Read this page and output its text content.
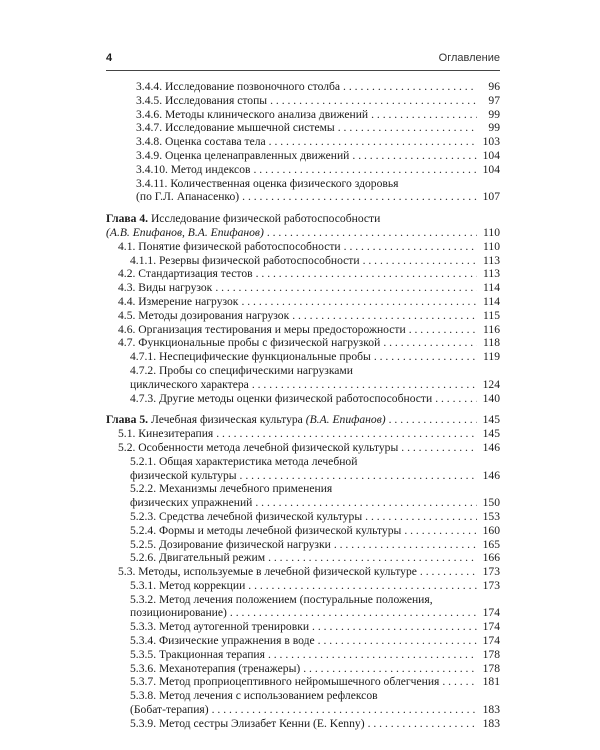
4	Оглавление
3.4.4. Исследование позвоночного столба . . .	96
3.4.5. Исследования стопы . . .	97
3.4.6. Методы клинического анализа движений . . .	99
3.4.7. Исследование мышечной системы . . .	99
3.4.8. Оценка состава тела . . .	103
3.4.9. Оценка целенаправленных движений . . .	104
3.4.10. Метод индексов . . .	104
3.4.11. Количественная оценка физического здоровья
(по Г.Л. Апанасенко) . . .	107
Глава 4. Исследование физической работоспособности
(А.В. Епифанов, В.А. Епифанов) . . .	110
4.1. Понятие физической работоспособности . . .	110
4.1.1. Резервы физической работоспособности . . .	113
4.2. Стандартизация тестов . . .	113
4.3. Виды нагрузок . . .	114
4.4. Измерение нагрузок . . .	114
4.5. Методы дозирования нагрузок . . .	115
4.6. Организация тестирования и меры предосторожности . . .	116
4.7. Функциональные пробы с физической нагрузкой . . .	118
4.7.1. Неспецифические функциональные пробы . . .	119
4.7.2. Пробы со специфическими нагрузками
циклического характера . . .	124
4.7.3. Другие методы оценки физической работоспособности . . .	140
Глава 5. Лечебная физическая культура (В.А. Епифанов) . . .	145
5.1. Кинезитерапия . . .	145
5.2. Особенности метода лечебной физической культуры . . .	146
5.2.1. Общая характеристика метода лечебной
физической культуры . . .	146
5.2.2. Механизмы лечебного применения
физических упражнений . . .	150
5.2.3. Средства лечебной физической культуры . . .	153
5.2.4. Формы и методы лечебной физической культуры . . .	160
5.2.5. Дозирование физической нагрузки . . .	165
5.2.6. Двигательный режим . . .	166
5.3. Методы, используемые в лечебной физической культуре . . .	173
5.3.1. Метод коррекции . . .	173
5.3.2. Метод лечения положением (постуральные положения,
позиционирование) . . .	174
5.3.3. Метод аутогенной тренировки . . .	174
5.3.4. Физические упражнения в воде . . .	174
5.3.5. Тракционная терапия . . .	178
5.3.6. Механотерапия (тренажеры) . . .	178
5.3.7. Метод проприоцептивного нейромышечного облегчения . . .	181
5.3.8. Метод лечения с использованием рефлексов
(Бобат-терапия) . . .	183
5.3.9. Метод сестры Элизабет Кенни (E. Kenny) . . .	183
